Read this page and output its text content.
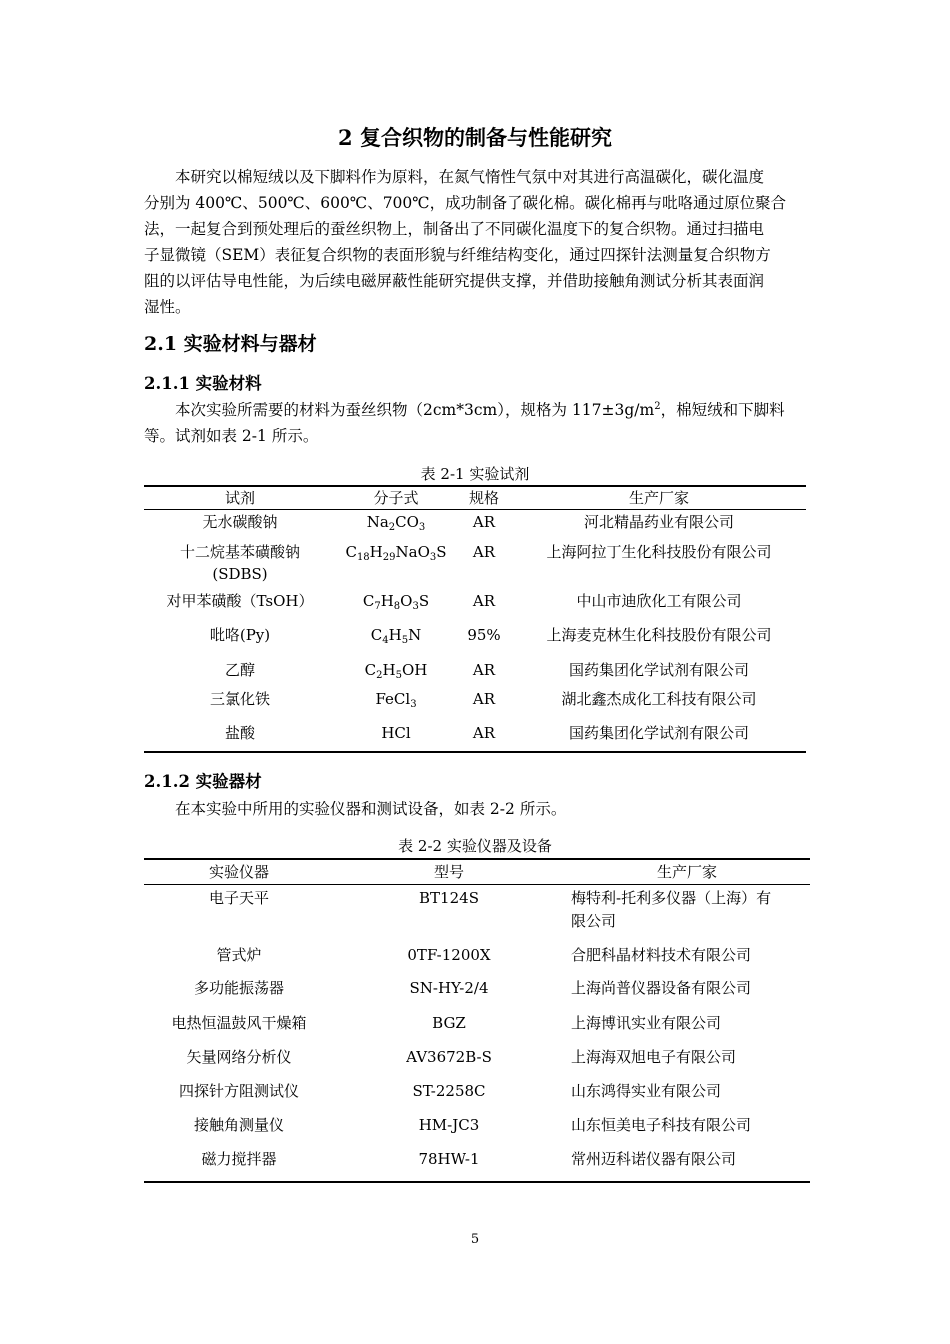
2 复合织物的制备与性能研究
本研究以棉短绒以及下脚料作为原料，在氮气惰性气氛中对其进行高温碳化，碳化温度
分别为 400℃、500℃、600℃、700℃，成功制备了碳化棉。碳化棉再与吡咯通过原位聚合
法，一起复合到预处理后的蚕丝织物上，制备出了不同碳化温度下的复合织物。通过扫描电
子显微镜（SEM）表征复合织物的表面形貌与纤维结构变化，通过四探针法测量复合织物方
阻的以评估导电性能，为后续电磁屏蔽性能研究提供支撑，并借助接触角测试分析其表面润
湿性。
2.1 实验材料与器材
2.1.1 实验材料
本次实验所需要的材料为蚕丝织物（2cm*3cm），规格为 $117\pm 3g/m^2$，棉短绒和下脚料
等。试剂如表 2-1 所示。
表 2-1 实验试剂
试剂	分子式	规格	生产厂家
无水碳酸钠	$Na_2CO_3$	AR	河北精晶药业有限公司
十二烷基苯磺酸钠
(SDBS)
$C_{18}H_{29}NaO_3S$	AR	上海阿拉丁生化科技股份有限公司
对甲苯磺酸（TsOH）	$C_7H_8O_3S$	AR	中山市迪欣化工有限公司
吡咯(Py)	$C_4H_5N$	95%	上海麦克林生化科技股份有限公司
乙醇	$C_2H_5OH$	AR	国药集团化学试剂有限公司
三氯化铁	FeCl$_3$	AR	湖北鑫杰成化工科技有限公司
盐酸	HCl	AR	国药集团化学试剂有限公司
2.1.2 实验器材
在本实验中所用的实验仪器和测试设备，如表 2-2 所示。
表 2-2 实验仪器及设备
实验仪器	型号	生产厂家
电子天平	BT124S	梅特利-托利多仪器（上海）有
限公司
管式炉	0TF-1200X	合肥科晶材料技术有限公司
多功能振荡器	SN-HY-2/4	上海尚普仪器设备有限公司
电热恒温鼓风干燥箱	BGZ	上海博讯实业有限公司
矢量网络分析仪	AV3672B-S	上海海双旭电子有限公司
四探针方阻测试仪	ST-2258C	山东鸿得实业有限公司
接触角测量仪	HM-JC3	山东恒美电子科技有限公司
磁力搅拌器	78HW-1	常州迈科诺仪器有限公司
5
